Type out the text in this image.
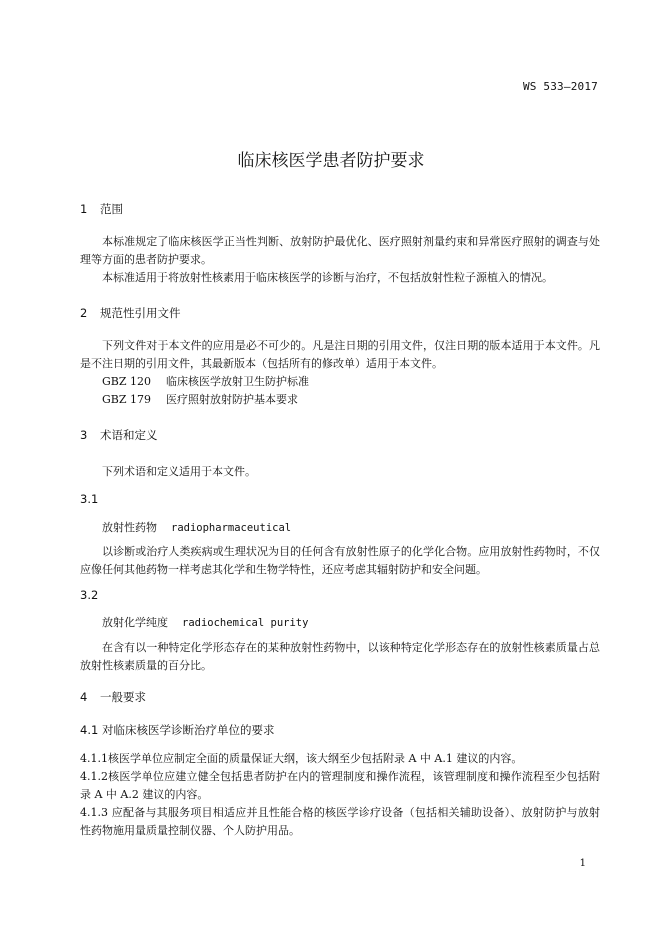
WS 533—2017
临床核医学患者防护要求
1 范围
本标准规定了临床核医学正当性判断、放射防护最优化、医疗照射剂量约束和异常医疗照射的调查与处理等方面的患者防护要求。
本标准适用于将放射性核素用于临床核医学的诊断与治疗，不包括放射性粒子源植入的情况。
2 规范性引用文件
下列文件对于本文件的应用是必不可少的。凡是注日期的引用文件，仅注日期的版本适用于本文件。凡是不注日期的引用文件，其最新版本（包括所有的修改单）适用于本文件。
GBZ 120 临床核医学放射卫生防护标准
GBZ 179 医疗照射放射防护基本要求
3 术语和定义
下列术语和定义适用于本文件。
3.1
放射性药物 radiopharmaceutical
以诊断或治疗人类疾病或生理状况为目的任何含有放射性原子的化学化合物。应用放射性药物时，不仅应像任何其他药物一样考虑其化学和生物学特性，还应考虑其辐射防护和安全问题。
3.2
放射化学纯度 radiochemical purity
在含有以一种特定化学形态存在的某种放射性药物中，以该种特定化学形态存在的放射性核素质量占总放射性核素质量的百分比。
4 一般要求
4.1 对临床核医学诊断治疗单位的要求
4.1.1核医学单位应制定全面的质量保证大纲，该大纲至少包括附录 A 中 A.1 建议的内容。
4.1.2核医学单位应建立健全包括患者防护在内的管理制度和操作流程，该管理制度和操作流程至少包括附录 A 中 A.2 建议的内容。
4.1.3 应配备与其服务项目相适应并且性能合格的核医学诊疗设备（包括相关辅助设备）、放射防护与放射性药物施用量质量控制仪器、个人防护用品。
1
